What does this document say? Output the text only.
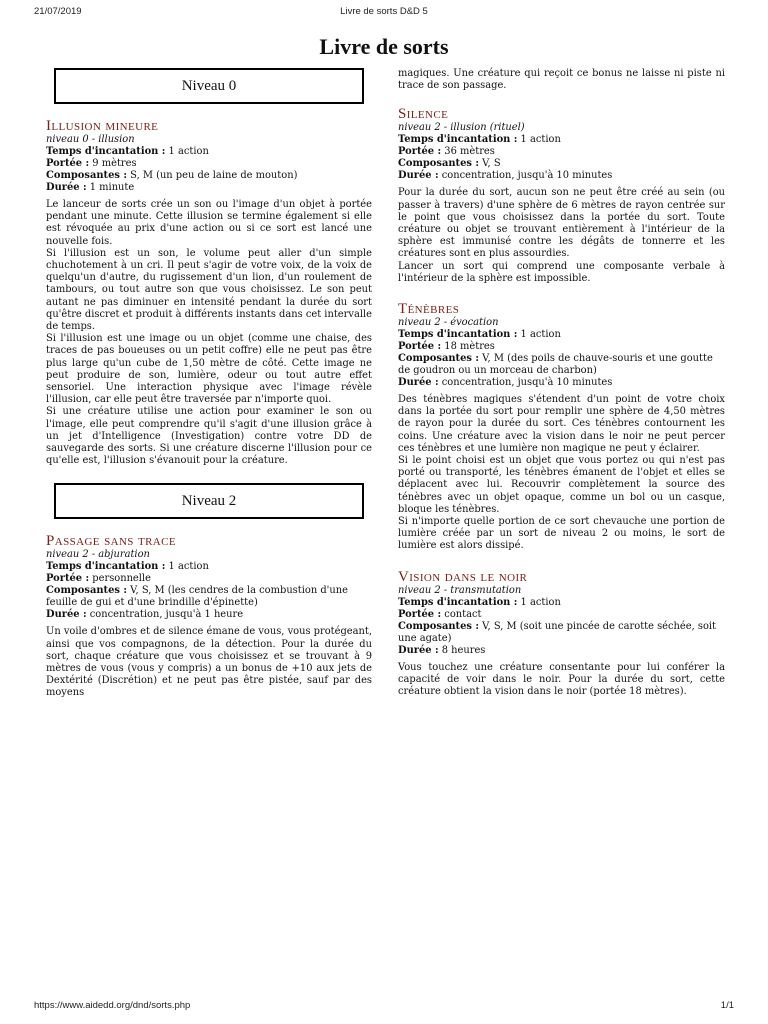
21/07/2019	Livre de sorts D&D 5
Livre de sorts
Niveau 0
Illusion mineure
niveau 0 - illusion
Temps d'incantation : 1 action
Portée : 9 mètres
Composantes : S, M (un peu de laine de mouton)
Durée : 1 minute

Le lanceur de sorts crée un son ou l'image d'un objet à portée pendant une minute. Cette illusion se termine également si elle est révoquée au prix d'une action ou si ce sort est lancé une nouvelle fois.

Si l'illusion est un son, le volume peut aller d'un simple chuchotement à un cri. Il peut s'agir de votre voix, de la voix de quelqu'un d'autre, du rugissement d'un lion, d'un roulement de tambours, ou tout autre son que vous choisissez. Le son peut autant ne pas diminuer en intensité pendant la durée du sort qu'être discret et produit à différents instants dans cet intervalle de temps.

Si l'illusion est une image ou un objet (comme une chaise, des traces de pas boueuses ou un petit coffre) elle ne peut pas être plus large qu'un cube de 1,50 mètre de côté. Cette image ne peut produire de son, lumière, odeur ou tout autre effet sensoriel. Une interaction physique avec l'image révèle l'illusion, car elle peut être traversée par n'importe quoi.

Si une créature utilise une action pour examiner le son ou l'image, elle peut comprendre qu'il s'agit d'une illusion grâce à un jet d'Intelligence (Investigation) contre votre DD de sauvegarde des sorts. Si une créature discerne l'illusion pour ce qu'elle est, l'illusion s'évanouit pour la créature.

Niveau 2
Passage sans trace
niveau 2 - abjuration
Temps d'incantation : 1 action
Portée : personnelle
Composantes : V, S, M (les cendres de la combustion d'une feuille de gui et d'une brindille d'épinette)
Durée : concentration, jusqu'à 1 heure

Un voile d'ombres et de silence émane de vous, vous protégeant, ainsi que vos compagnons, de la détection. Pour la durée du sort, chaque créature que vous choisissez et se trouvant à 9 mètres de vous (vous y compris) a un bonus de +10 aux jets de Dextérité (Discrétion) et ne peut pas être pistée, sauf par des moyens

magiques. Une créature qui reçoit ce bonus ne laisse ni piste ni trace de son passage.

Silence
niveau 2 - illusion (rituel)
Temps d'incantation : 1 action
Portée : 36 mètres
Composantes : V, S
Durée : concentration, jusqu'à 10 minutes

Pour la durée du sort, aucun son ne peut être créé au sein (ou passer à travers) d'une sphère de 6 mètres de rayon centrée sur le point que vous choisissez dans la portée du sort. Toute créature ou objet se trouvant entièrement à l'intérieur de la sphère est immunisé contre les dégâts de tonnerre et les créatures sont en plus assourdies.

Lancer un sort qui comprend une composante verbale à l'intérieur de la sphère est impossible.

Ténèbres
niveau 2 - évocation
Temps d'incantation : 1 action
Portée : 18 mètres
Composantes : V, M (des poils de chauve-souris et une goutte de goudron ou un morceau de charbon)
Durée : concentration, jusqu'à 10 minutes

Des ténèbres magiques s'étendent d'un point de votre choix dans la portée du sort pour remplir une sphère de 4,50 mètres de rayon pour la durée du sort. Ces ténèbres contournent les coins. Une créature avec la vision dans le noir ne peut percer ces ténèbres et une lumière non magique ne peut y éclairer.

Si le point choisi est un objet que vous portez ou qui n'est pas porté ou transporté, les ténèbres émanent de l'objet et elles se déplacent avec lui. Recouvrir complètement la source des ténèbres avec un objet opaque, comme un bol ou un casque, bloque les ténèbres.

Si n'importe quelle portion de ce sort chevauche une portion de lumière créée par un sort de niveau 2 ou moins, le sort de lumière est alors dissipé.

Vision dans le noir
niveau 2 - transmutation
Temps d'incantation : 1 action
Portée : contact
Composantes : V, S, M (soit une pincée de carotte séchée, soit une agate)
Durée : 8 heures

Vous touchez une créature consentante pour lui conférer la capacité de voir dans le noir. Pour la durée du sort, cette créature obtient la vision dans le noir (portée 18 mètres).

https://www.aidedd.org/dnd/sorts.php	1/1
